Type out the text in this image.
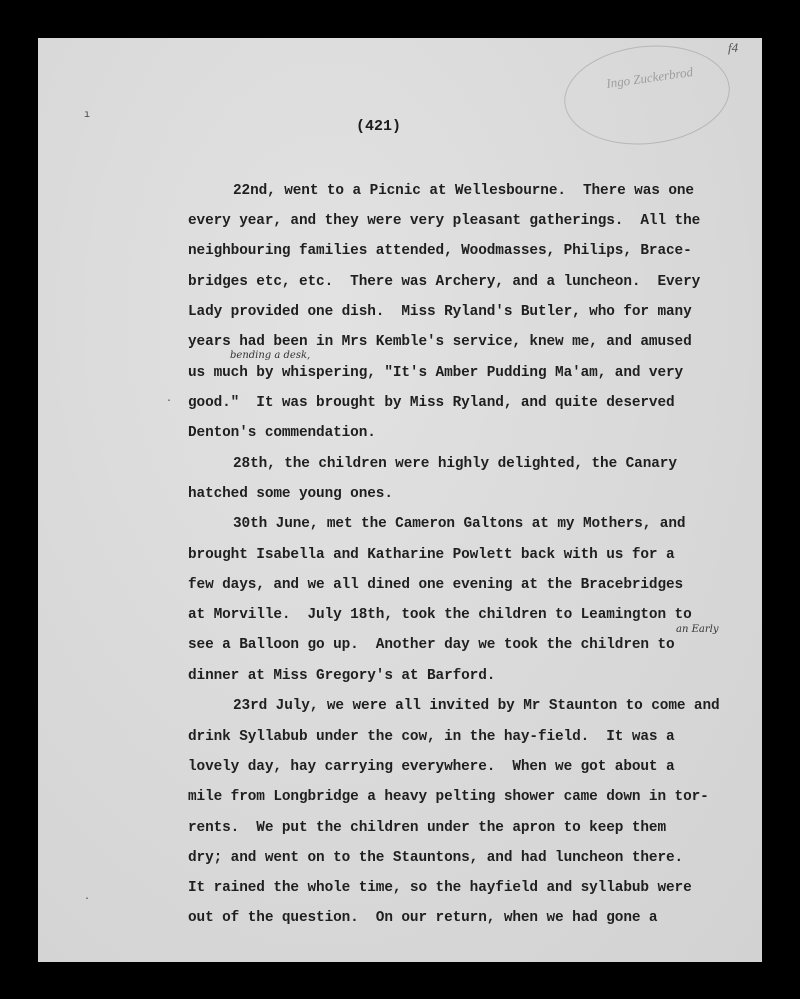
f4
Ingo Zuckerbrod
ı
·
·
(421)
22nd, went to a Picnic at Wellesbourne.  There was one
every year, and they were very pleasant gatherings.  All the
neighbouring families attended, Woodmasses, Philips, Brace-
bridges etc, etc.  There was Archery, and a luncheon.  Every
Lady provided one dish.  Miss Ryland's Butler, who for many
years had been in Mrs Kemble's service, knew me, and amused
bending a desk,
us much by whispering, "It's Amber Pudding Ma'am, and very
good."  It was brought by Miss Ryland, and quite deserved
Denton's commendation.
28th, the children were highly delighted, the Canary
hatched some young ones.
30th June, met the Cameron Galtons at my Mothers, and
brought Isabella and Katharine Powlett back with us for a
few days, and we all dined one evening at the Bracebridges
at Morville.  July 18th, took the children to Leamington to
an Early
see a Balloon go up.  Another day we took the children to
dinner at Miss Gregory's at Barford.
23rd July, we were all invited by Mr Staunton to come and
drink Syllabub under the cow, in the hay-field.  It was a
lovely day, hay carrying everywhere.  When we got about a
mile from Longbridge a heavy pelting shower came down in tor-
rents.  We put the children under the apron to keep them
dry; and went on to the Stauntons, and had luncheon there.
It rained the whole time, so the hayfield and syllabub were
out of the question.  On our return, when we had gone a
